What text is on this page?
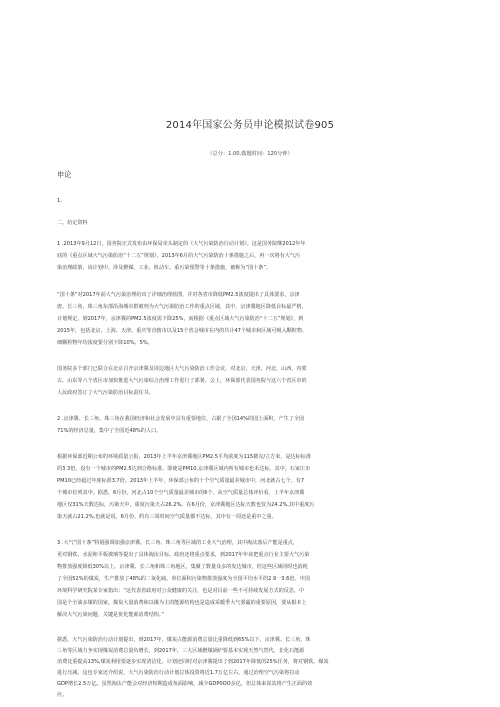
2014年国家公务员申论模拟试卷905
（总分：1.00,做题时间：120分钟）
申论
1.
二、给定资料
1 .2013年9月12日，国务院正式发布由环保局牵头制定的《大气污染防治行动计划》。这是国务院继2012年年
底的《重点区域大气污染防治“十二五”规划》，2013年6月的大气污染防治十条措施之后，再一次将有大气污
染治理政策，该计划中，涉及燃煤、工业、机动车、重污染预警等十条措施，被称为“国十条”。
“国十条”对2017年前大气污染治理给出了详细治理蓝图，并对各省市降低PM2.5浓度提出了具体要求，京津
唐、长三角、珠三角东部沿海城市群被列为大气污染防治工作的重点区域，其中，京津冀地区降低目标最严格，
计划规定，到2017年，京津冀的PM2.5浓度需下降25%，而根据《重点区域大气污染防治“十二五”规划》，到
2015年，包括北京、上海、天津、重庆等直辖市以及15个省会城市在内的共计47个城市和区域可吸入颗粒物、
细颗粒物年均浓度要分别下降10%、5%。
国务院多个部门已联合在北京召开京津冀及周边地区大气污染防治工作会议，对北京、天津、河北、山西、内蒙
古、山东等六个省区市加快推进大气污染综合治理工作进行了部署。会上，环保部代表国务院与这六个省区市的
人民政府签订了大气污染防治目标责任书。
2 .京津冀、长三角、珠三角在我国经济和社会发展中具有重要地位，占据了全国14%的国土面积，产生了全国
71%的经济总量，集中了全国近48%的人口。
根据环保部近期公布的环境质量公报，2013年上半年京津冀地区PM2.5平均浓度为115微克/立方米，是达标标准
的3.3倍，没有一个城市的PM2.5达到合格标准。即使是PM10,京津冀区域内所有城市也未达标。其中，石家庄市
PM10已经超过年度标准3.7倍。2013年上半年，环保部公布的十个空气质量最差城市中，河北就占七个。有7
个城市位列其中。据悉，6月份，河北占10个空气质量最差城市的6个，从空气质量总体评价看，上半年京津冀
地区仅31%天数达标，污染天中，重度污染天占26.2%。在6月份，京津冀地区达标天数也仅为24.2%,其中重度污
染天就占21.2%,也就是说，6月份，约有三周时间空气质量都不达标，其中有一周还是重中之重。
3 .大气“国十条”特别强调加强京津冀、长三角、珠三角等区域的工业大气治理，其中淘汰落后产能是重点，
更对钢铁、水泥和平板玻璃等提出了具体淘汰目标。政府还将重点要求，到2017年年底把重点行业主要大气污染
物排放强度降低30%以上，京津冀、长三角和珠三角地区，集聚了数量众多的发达城市，但这些区域同时也消耗
了全国52%的煤炭，生产排放了48%的二氧化硫，单位面积污染物排放强度为全国平均水平的2.9一3.6倍。中国
环境科学研究院某专家指出：“这代表省政府对公众健康的关注，也是对目前一些不可持续发展方式的反思，中
国是个全油多煤的国家，煤炭大量消费和以煤为主的能源结构也是造成采暖季大气雾霾的重要原因，要从根本上
解决大气污染问题，关键是优化能源消费结构。”
据悉，大气污染防治行动计划提出，到2017年，煤炭占能源消费总量比重降低到65%以下，京津冀、长三角、珠
三角等区域力争实现煤炭消费总量负增长，到2017年，三大区域燃煤锅炉要基本实现天然气替代，非化石能源
消费比重提高13%,煤炭利用要逐步实现清洁化。计划还同时对京津冀提出了到2017年降低的25%任务，将对钢铁、煤炭
进行压减。这包专家还介绍说，大气污染防治行动计划总体投资将近1.7万亿左右，通过治理空气污染将拉动
GDP增长2.5万亿。虽然淘汰产能会对经济短期造成负面影响，减少GDP0OO多亿，但总体来说其将产生正面的效
应。
